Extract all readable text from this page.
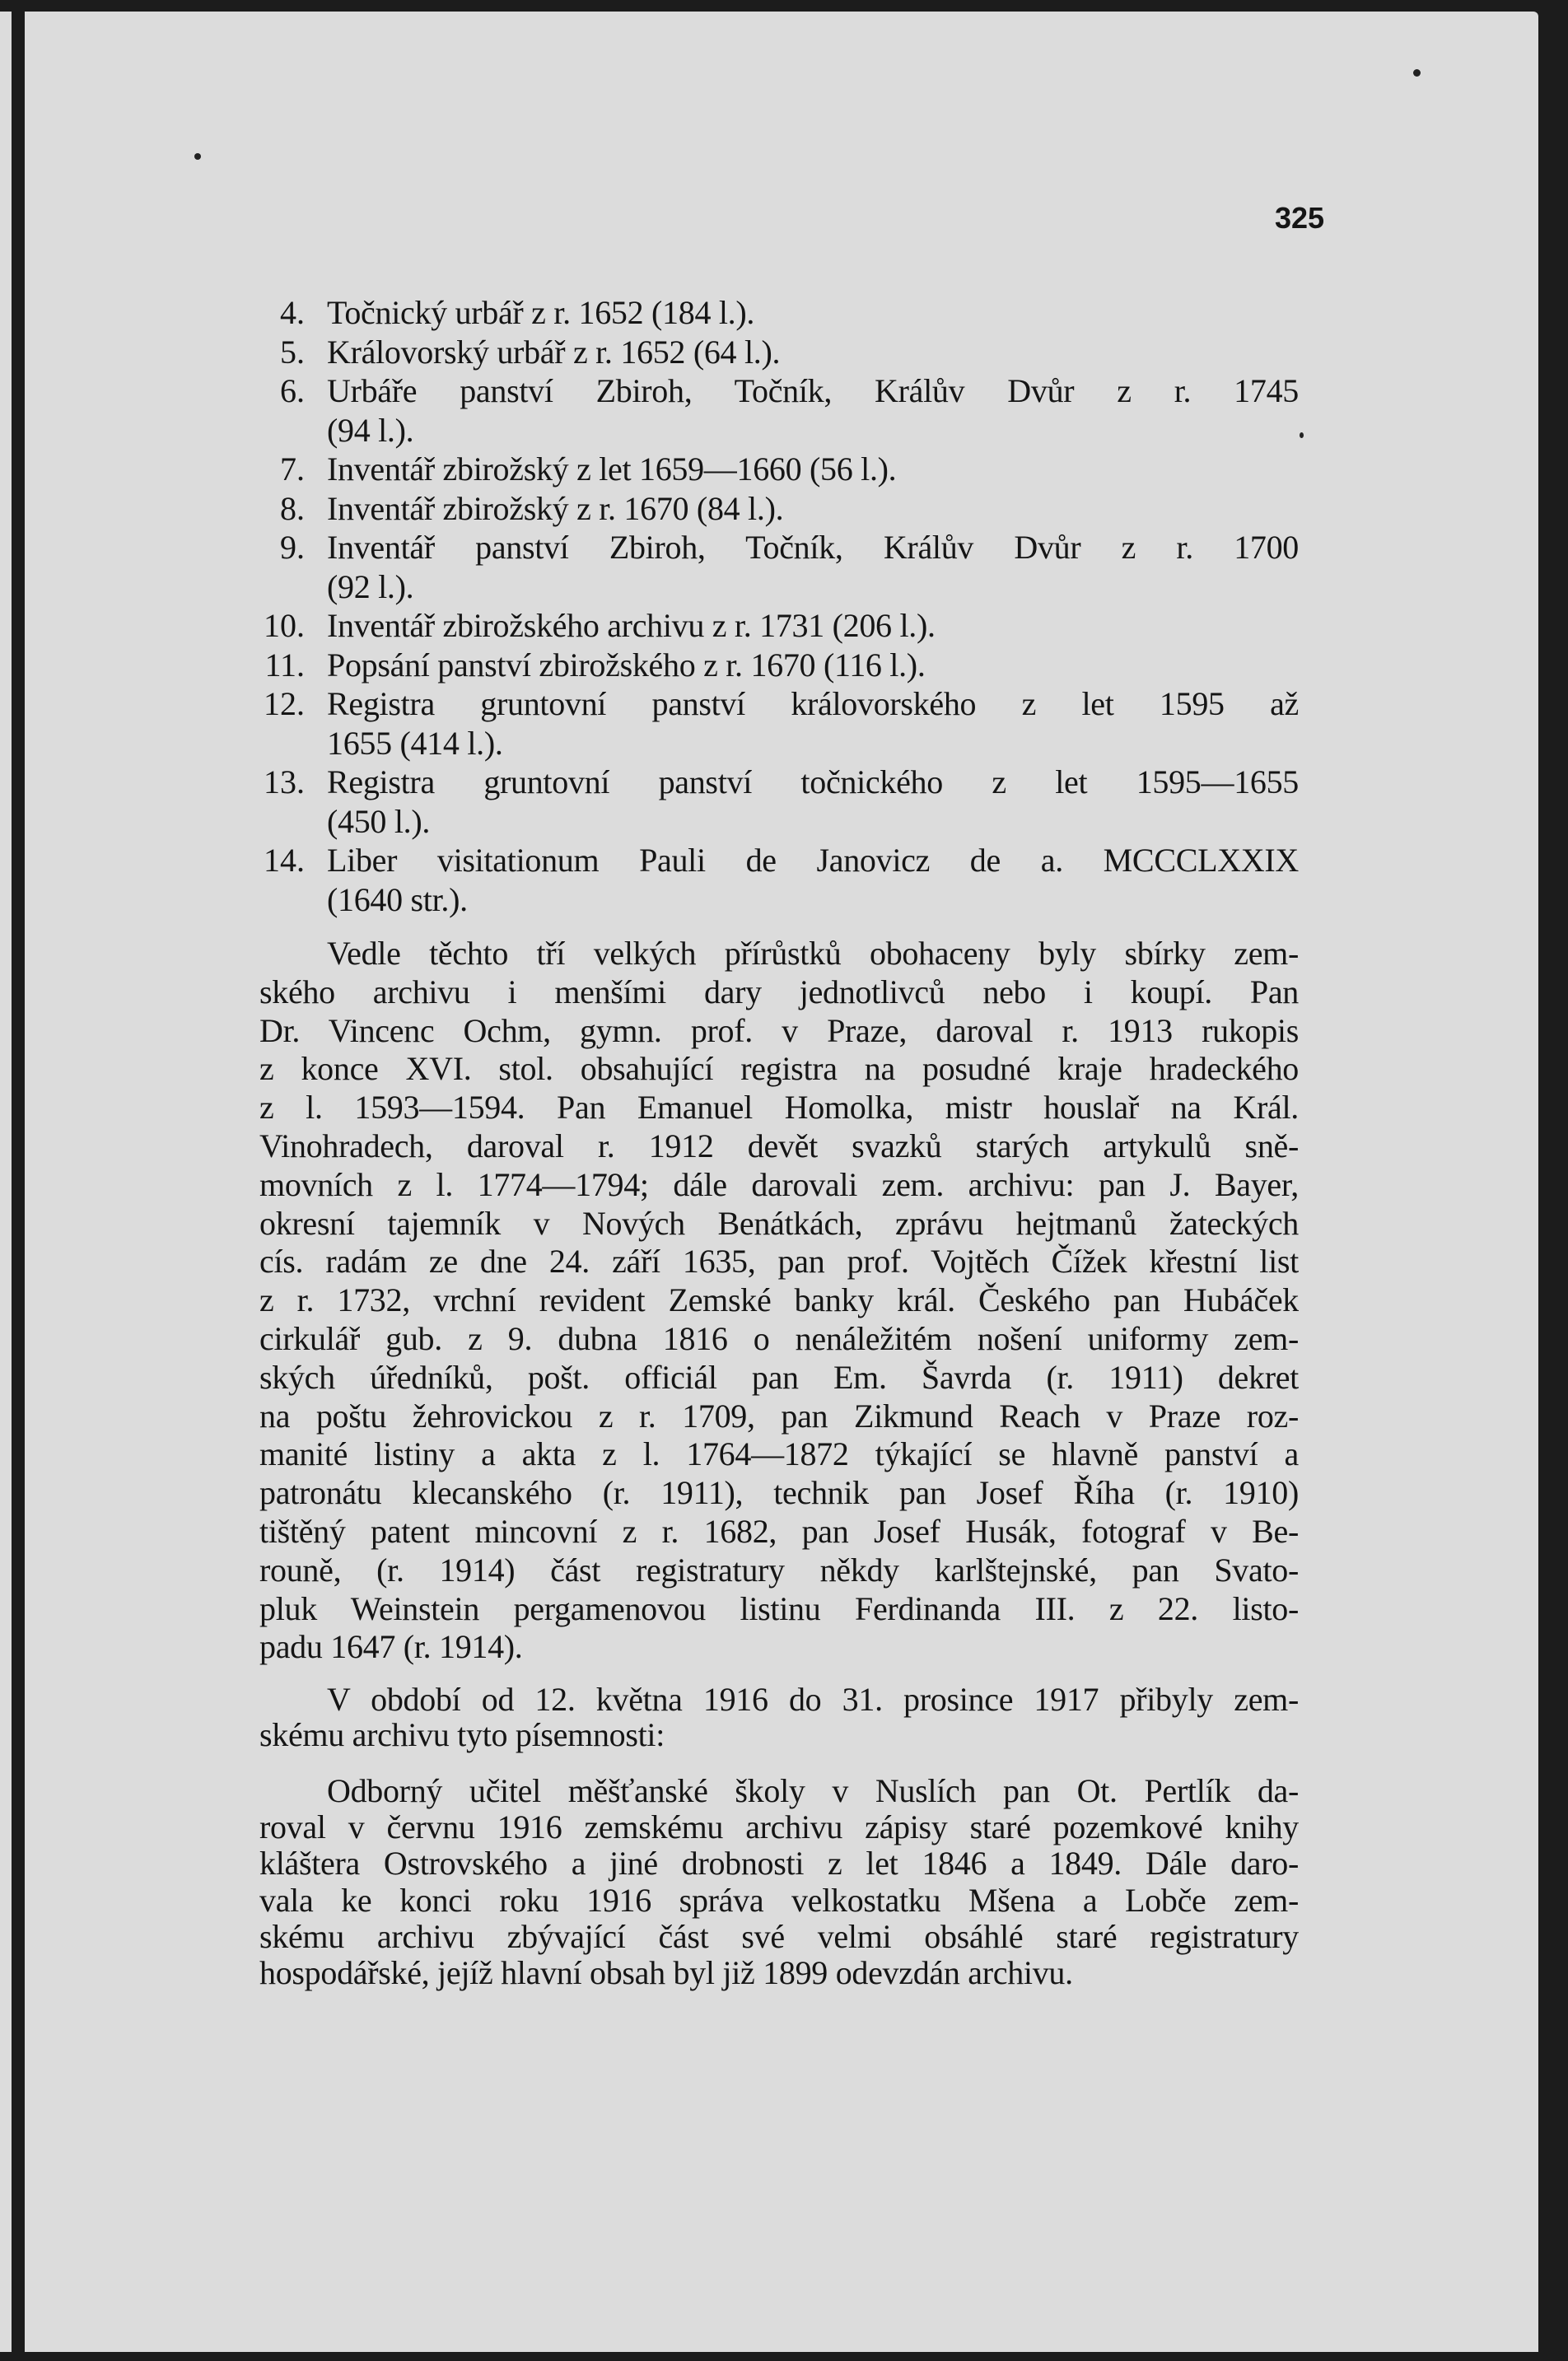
325
4. Točnický urbář z r. 1652 (184 l.).
5. Královorský urbář z r. 1652 (64 l.).
6. Urbáře panství Zbiroh, Točník, Králův Dvůr z r. 1745
(94 l.).
7. Inventář zbirožský z let 1659—1660 (56 l.).
8. Inventář zbirožský z r. 1670 (84 l.).
9. Inventář panství Zbiroh, Točník, Králův Dvůr z r. 1700
(92 l.).
10. Inventář zbirožského archivu z r. 1731 (206 l.).
11. Popsání panství zbirožského z r. 1670 (116 l.).
12. Registra gruntovní panství královorského z let 1595 až
1655 (414 l.).
13. Registra gruntovní panství točnického z let 1595—1655
(450 l.).
14. Liber visitationum Pauli de Janovicz de a. MCCCLXXIX
(1640 str.).
Vedle těchto tří velkých přírůstků obohaceny byly sbírky zem-
ského archivu i menšími dary jednotlivců nebo i koupí. Pan
Dr. Vincenc Ochm, gymn. prof. v Praze, daroval r. 1913 rukopis
z konce XVI. stol. obsahující registra na posudné kraje hradeckého
z l. 1593—1594. Pan Emanuel Homolka, mistr houslař na Král.
Vinohradech, daroval r. 1912 devět svazků starých artykulů sně-
movních z l. 1774—1794; dále darovali zem. archivu: pan J. Bayer,
okresní tajemník v Nových Benátkách, zprávu hejtmanů žateckých
cís. radám ze dne 24. září 1635, pan prof. Vojtěch Čížek křestní list
z r. 1732, vrchní revident Zemské banky král. Českého pan Hubáček
cirkulář gub. z 9. dubna 1816 o nenáležitém nošení uniformy zem-
ských úředníků, pošt. officiál pan Em. Šavrda (r. 1911) dekret
na poštu žehrovickou z r. 1709, pan Zikmund Reach v Praze roz-
manité listiny a akta z l. 1764—1872 týkající se hlavně panství a
patronátu klecanského (r. 1911), technik pan Josef Říha (r. 1910)
tištěný patent mincovní z r. 1682, pan Josef Husák, fotograf v Be-
rouně, (r. 1914) část registratury někdy karlštejnské, pan Svato-
pluk Weinstein pergamenovou listinu Ferdinanda III. z 22. listo-
padu 1647 (r. 1914).
V období od 12. května 1916 do 31. prosince 1917 přibyly zem-
skému archivu tyto písemnosti:
Odborný učitel měšťanské školy v Nuslích pan Ot. Pertlík da-
roval v červnu 1916 zemskému archivu zápisy staré pozemkové knihy
kláštera Ostrovského a jiné drobnosti z let 1846 a 1849. Dále daro-
vala ke konci roku 1916 správa velkostatku Mšena a Lobče zem-
skému archivu zbývající část své velmi obsáhlé staré registratury
hospodářské, jejíž hlavní obsah byl již 1899 odevzdán archivu.
